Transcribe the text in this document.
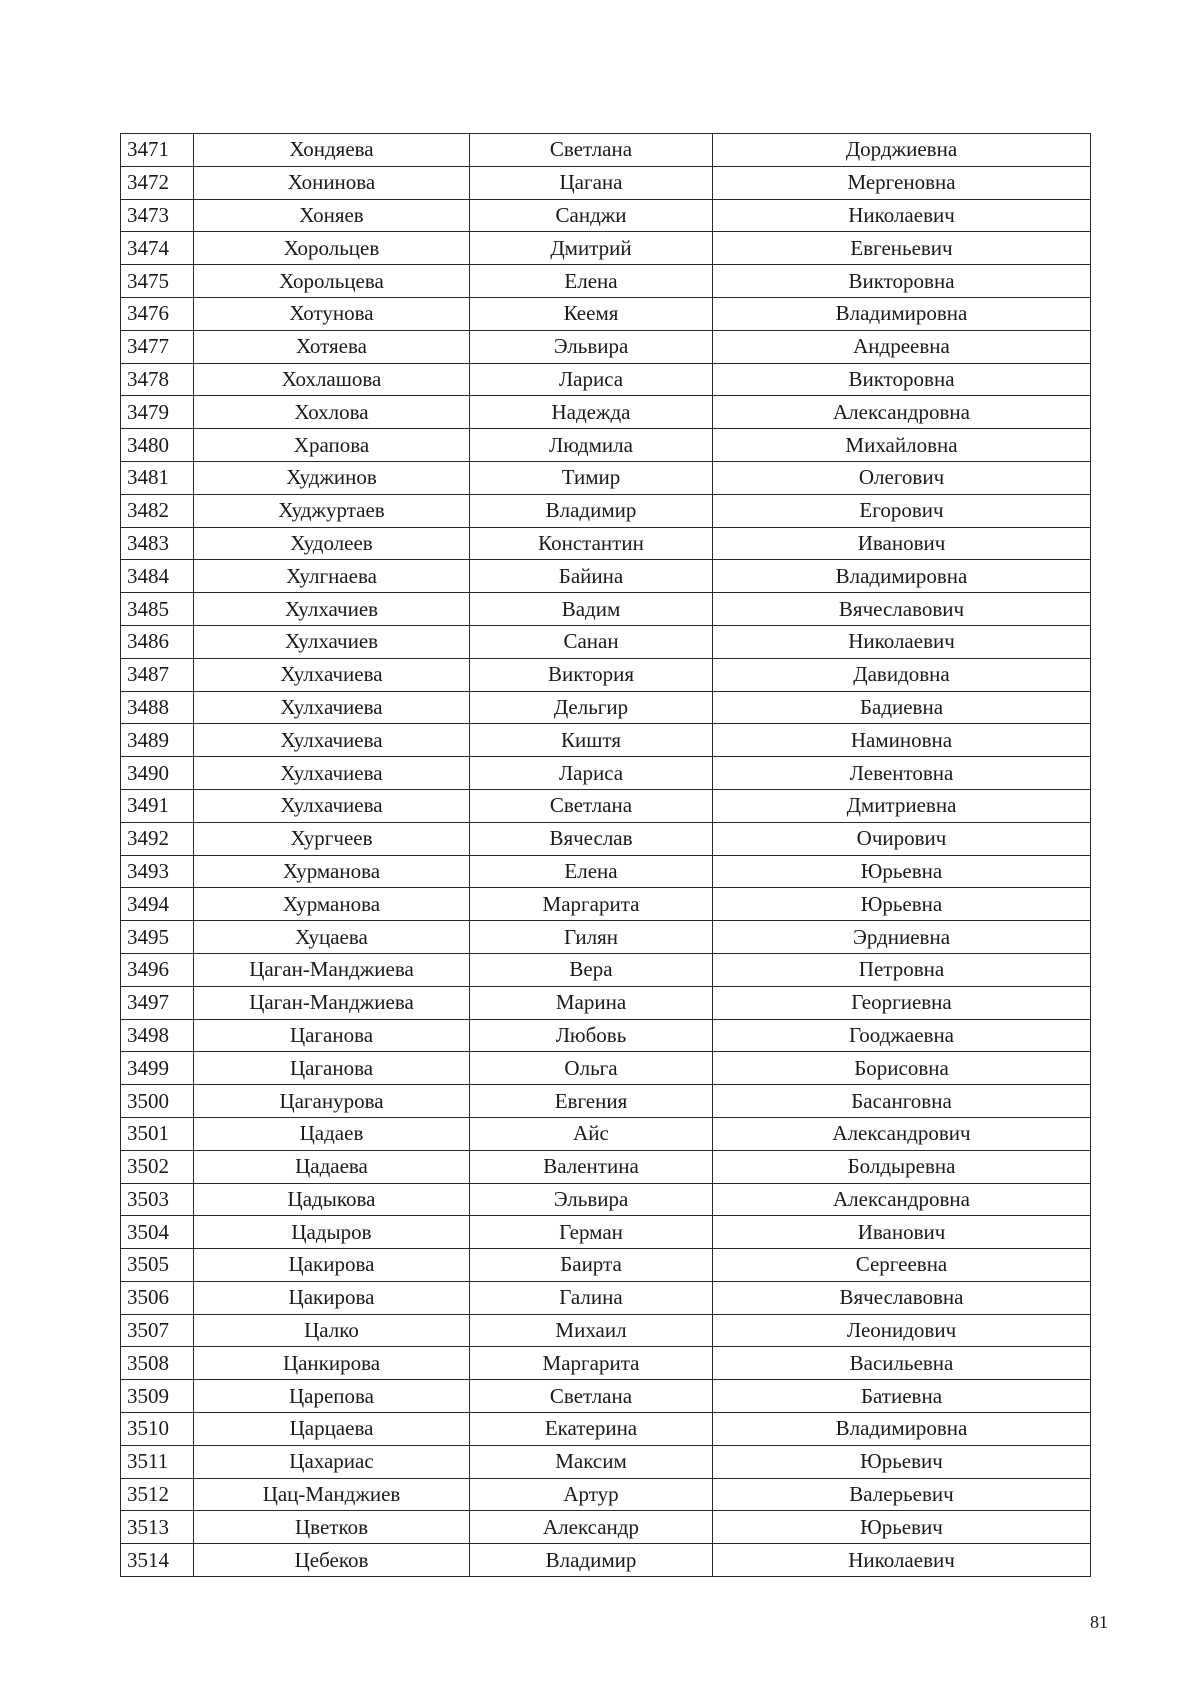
3471	Хондяева	Светлана	Дорджиевна
3472	Хонинова	Цагана	Мергеновна
3473	Хоняев	Санджи	Николаевич
3474	Хорольцев	Дмитрий	Евгеньевич
3475	Хорольцева	Елена	Викторовна
3476	Хотунова	Кеемя	Владимировна
3477	Хотяева	Эльвира	Андреевна
3478	Хохлашова	Лариса	Викторовна
3479	Хохлова	Надежда	Александровна
3480	Храпова	Людмила	Михайловна
3481	Худжинов	Тимир	Олегович
3482	Худжуртаев	Владимир	Егорович
3483	Худолеев	Константин	Иванович
3484	Хулгнаева	Байина	Владимировна
3485	Хулхачиев	Вадим	Вячеславович
3486	Хулхачиев	Санан	Николаевич
3487	Хулхачиева	Виктория	Давидовна
3488	Хулхачиева	Дельгир	Бадиевна
3489	Хулхачиева	Киштя	Наминовна
3490	Хулхачиева	Лариса	Левентовна
3491	Хулхачиева	Светлана	Дмитриевна
3492	Хургчеев	Вячеслав	Очирович
3493	Хурманова	Елена	Юрьевна
3494	Хурманова	Маргарита	Юрьевна
3495	Хуцаева	Гилян	Эрдниевна
3496	Цаган-Манджиева	Вера	Петровна
3497	Цаган-Манджиева	Марина	Георгиевна
3498	Цаганова	Любовь	Гооджаевна
3499	Цаганова	Ольга	Борисовна
3500	Цаганурова	Евгения	Басанговна
3501	Цадаев	Айс	Александрович
3502	Цадаева	Валентина	Болдыревна
3503	Цадыкова	Эльвира	Александровна
3504	Цадыров	Герман	Иванович
3505	Цакирова	Баирта	Сергеевна
3506	Цакирова	Галина	Вячеславовна
3507	Цалко	Михаил	Леонидович
3508	Цанкирова	Маргарита	Васильевна
3509	Царепова	Светлана	Батиевна
3510	Царцаева	Екатерина	Владимировна
3511	Цахариас	Максим	Юрьевич
3512	Цац-Манджиев	Артур	Валерьевич
3513	Цветков	Александр	Юрьевич
3514	Цебеков	Владимир	Николаевич
81
